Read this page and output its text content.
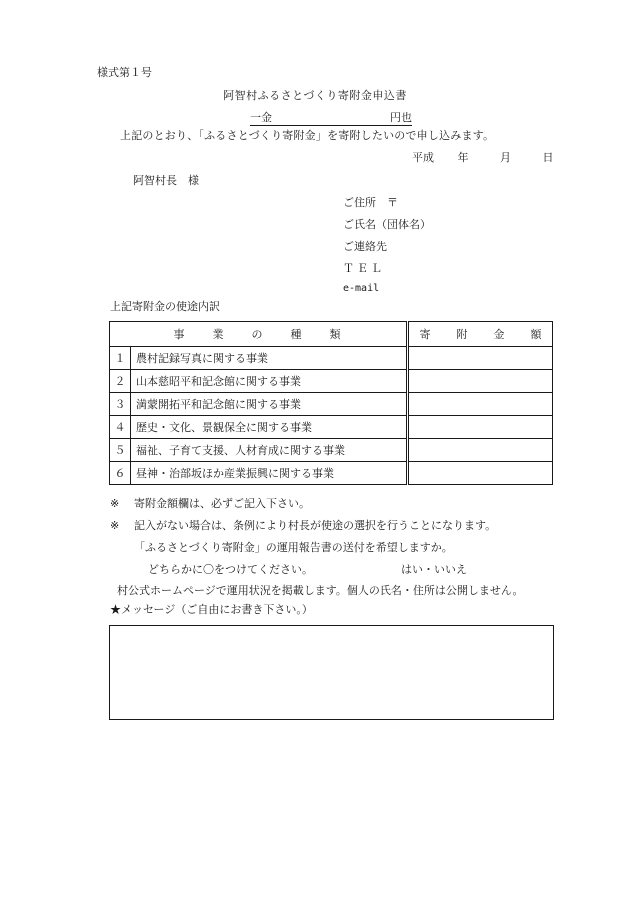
様式第１号
阿智村ふるさとづくり寄附金申込書
一金	円也
上記のとおり、「ふるさとづくり寄附金」を寄附したいので申し込みます。
平成 年	月	日
阿智村長　様
ご住所　〒
ご氏名（団体名）
ご連絡先
ＴＥＬ
e-mail
上記寄附金の使途内訳
事 業 の 種 類		寄 附 金 額
１	農村記録写真に関する事業	
２	山本慈昭平和記念館に関する事業	
３	満蒙開拓平和記念館に関する事業	
４	歴史・文化、景観保全に関する事業	
５	福祉、子育て支援、人材育成に関する事業	
６	昼神・治部坂ほか産業振興に関する事業	
※ 寄附金額欄は、必ずご記入下さい。
※ 記入がない場合は、条例により村長が使途の選択を行うことになります。
「ふるさとづくり寄附金」の運用報告書の送付を希望しますか。
どちらかに〇をつけてください。	はい・いいえ
村公式ホームページで運用状況を掲載します。個人の氏名・住所は公開しません。
★メッセージ（ご自由にお書き下さい。）
